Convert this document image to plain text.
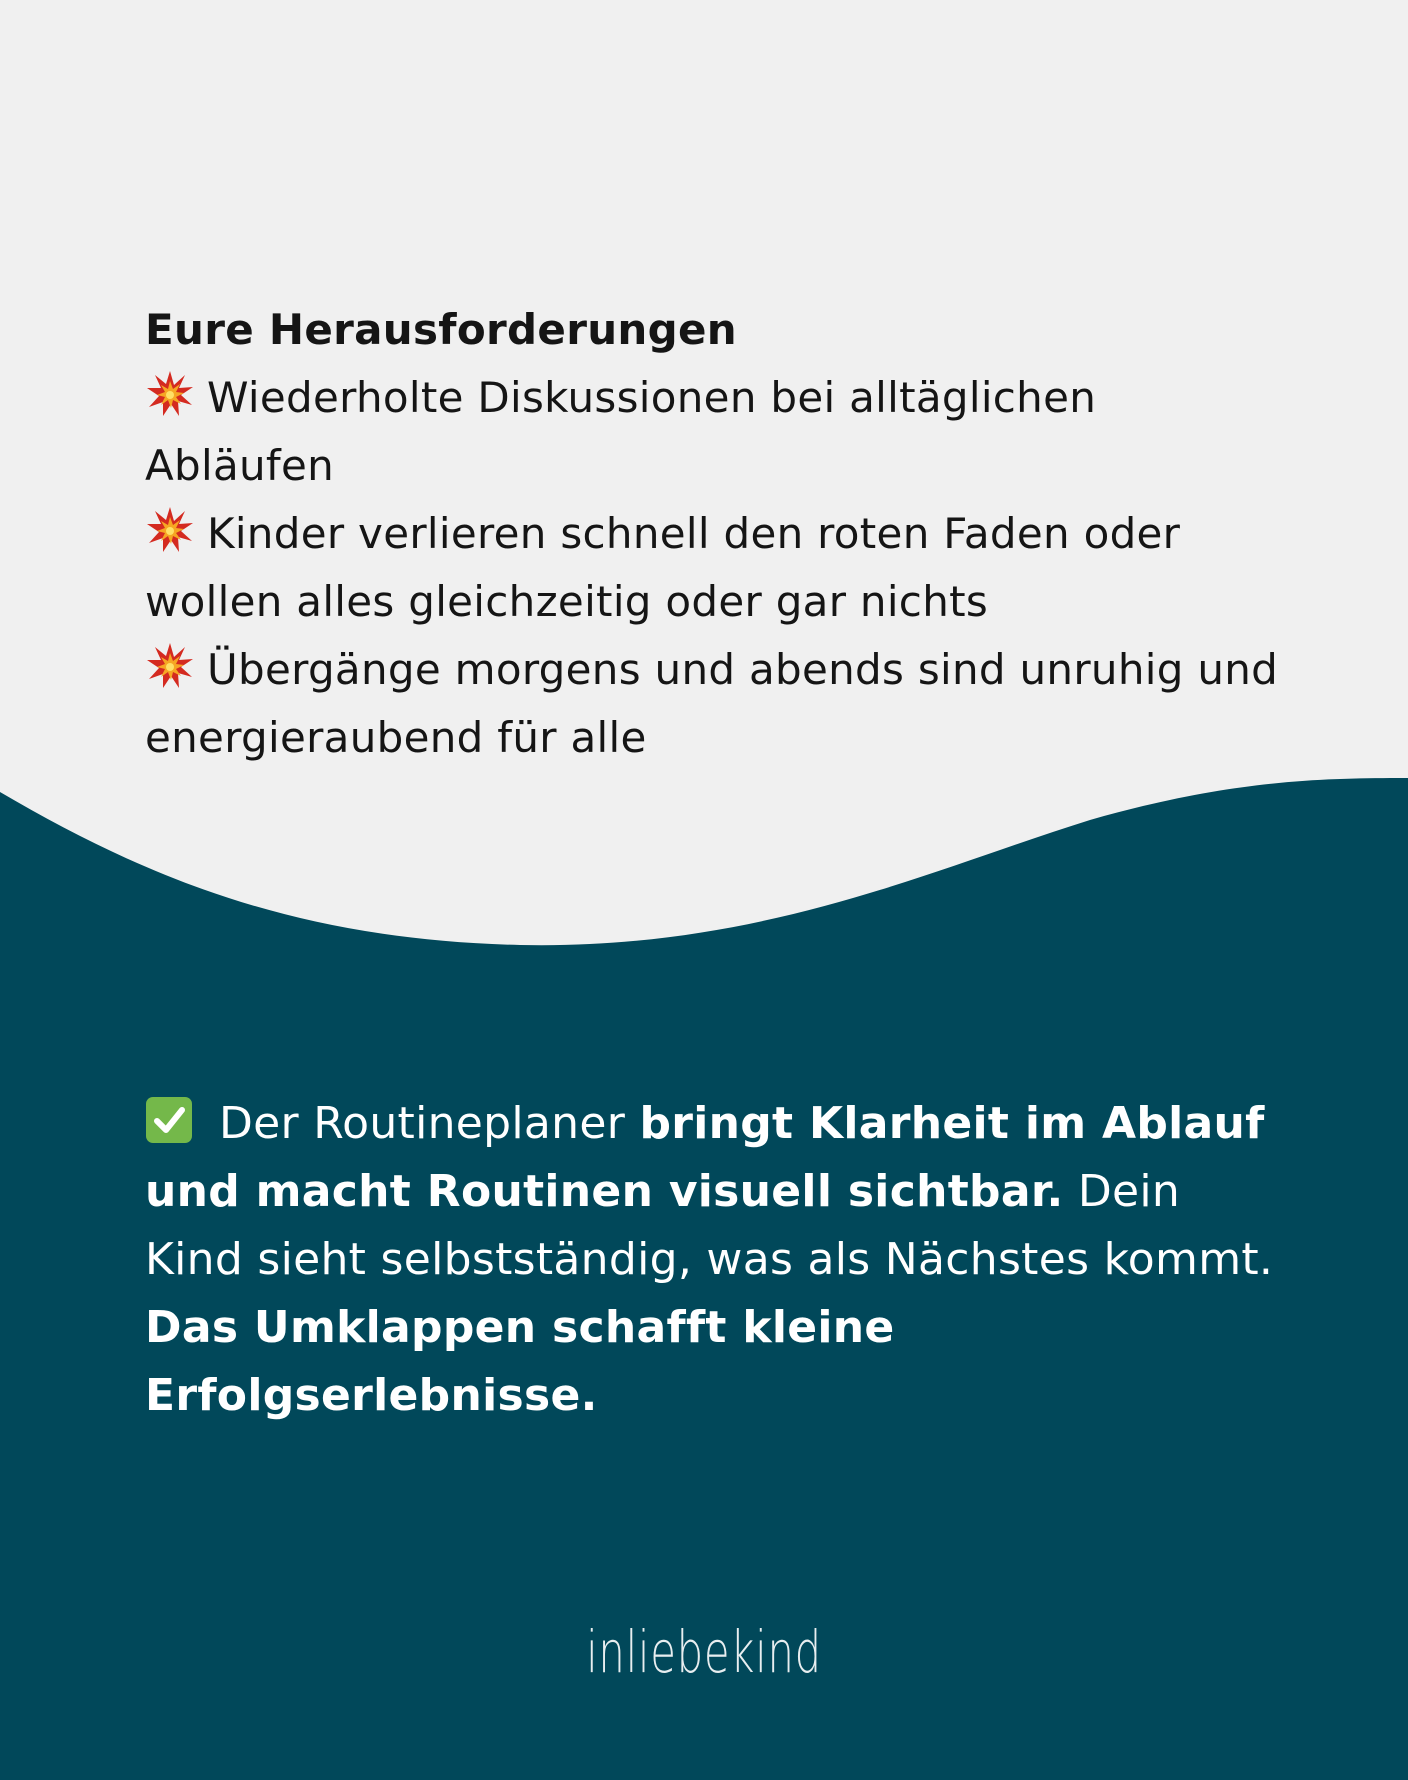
Eure Herausforderungen
Wiederholte Diskussionen bei alltäglichen Abläufen
Kinder verlieren schnell den roten Faden oder wollen alles gleichzeitig oder gar nichts
Übergänge morgens und abends sind unruhig und energieraubend für alle
Der Routineplaner bringt Klarheit im Ablauf und macht Routinen visuell sichtbar. Dein Kind sieht selbstständig, was als Nächstes kommt. Das Umklappen schafft kleine Erfolgserlebnisse.
inliebekind
